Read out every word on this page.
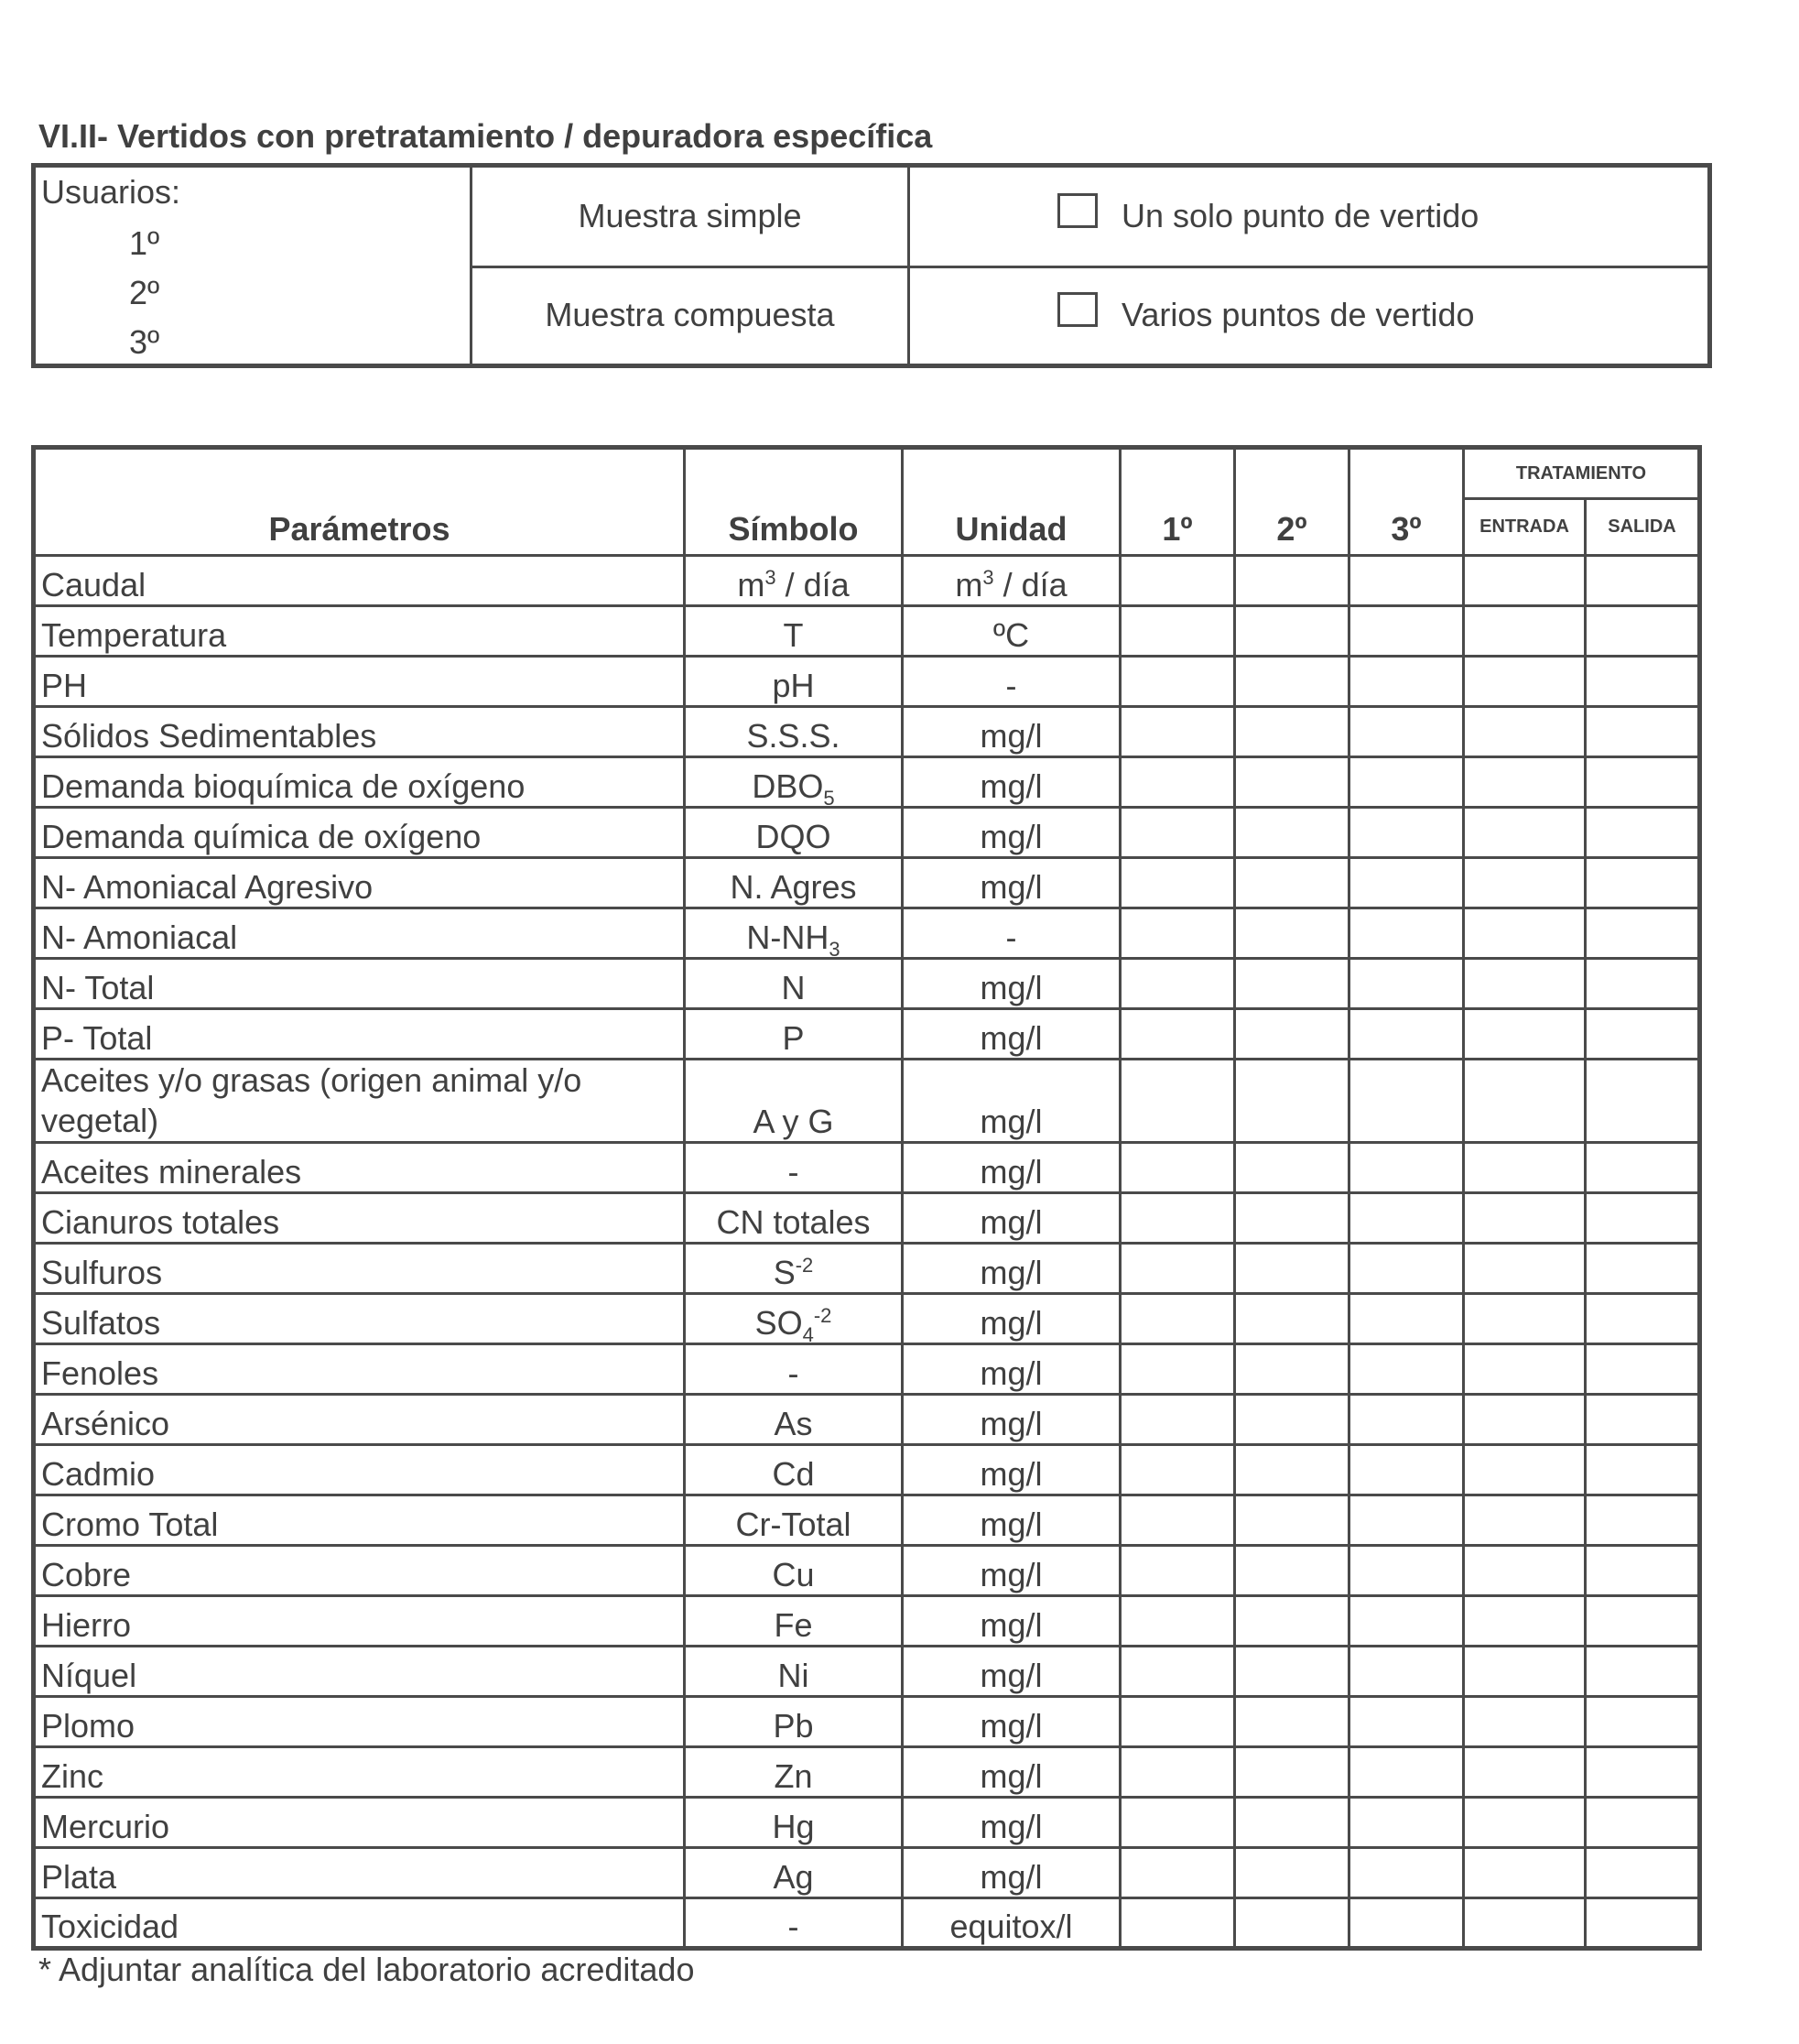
VI.II- Vertidos con pretratamiento / depuradora específica
Usuarios:
1º
2º
3º
Muestra simple
Muestra compuesta
Un solo punto de vertido
Varios puntos de vertido
Parámetros	Símbolo	Unidad	1º	2º	3º	TRATAMIENTO	
						ENTRADA	SALIDA
Caudal	$m^3$ / día	$m^3$ / día					
Temperatura	T	ºC					
PH	pH	-					
Sólidos Sedimentables	S.S.S.	mg/l					
Demanda bioquímica de oxígeno	$DBO_5$	mg/l					
Demanda química de oxígeno	DQO	mg/l					
N- Amoniacal Agresivo	N. Agres	mg/l					
N- Amoniacal	$N-NH_3$	-					
N- Total	N	mg/l					
P- Total	P	mg/l					
Aceites y/o grasas (origen animal y/o vegetal)	A y G	mg/l					
Aceites minerales	-	mg/l					
Cianuros totales	CN totales	mg/l					
Sulfuros	$S^{-2}$	mg/l					
Sulfatos	$SO_4^{-2}$	mg/l					
Fenoles	-	mg/l					
Arsénico	As	mg/l					
Cadmio	Cd	mg/l					
Cromo Total	Cr-Total	mg/l					
Cobre	Cu	mg/l					
Hierro	Fe	mg/l					
Níquel	Ni	mg/l					
Plomo	Pb	mg/l					
Zinc	Zn	mg/l					
Mercurio	Hg	mg/l					
Plata	Ag	mg/l					
Toxicidad	-	equitox/l					
* Adjuntar analítica del laboratorio acreditado
